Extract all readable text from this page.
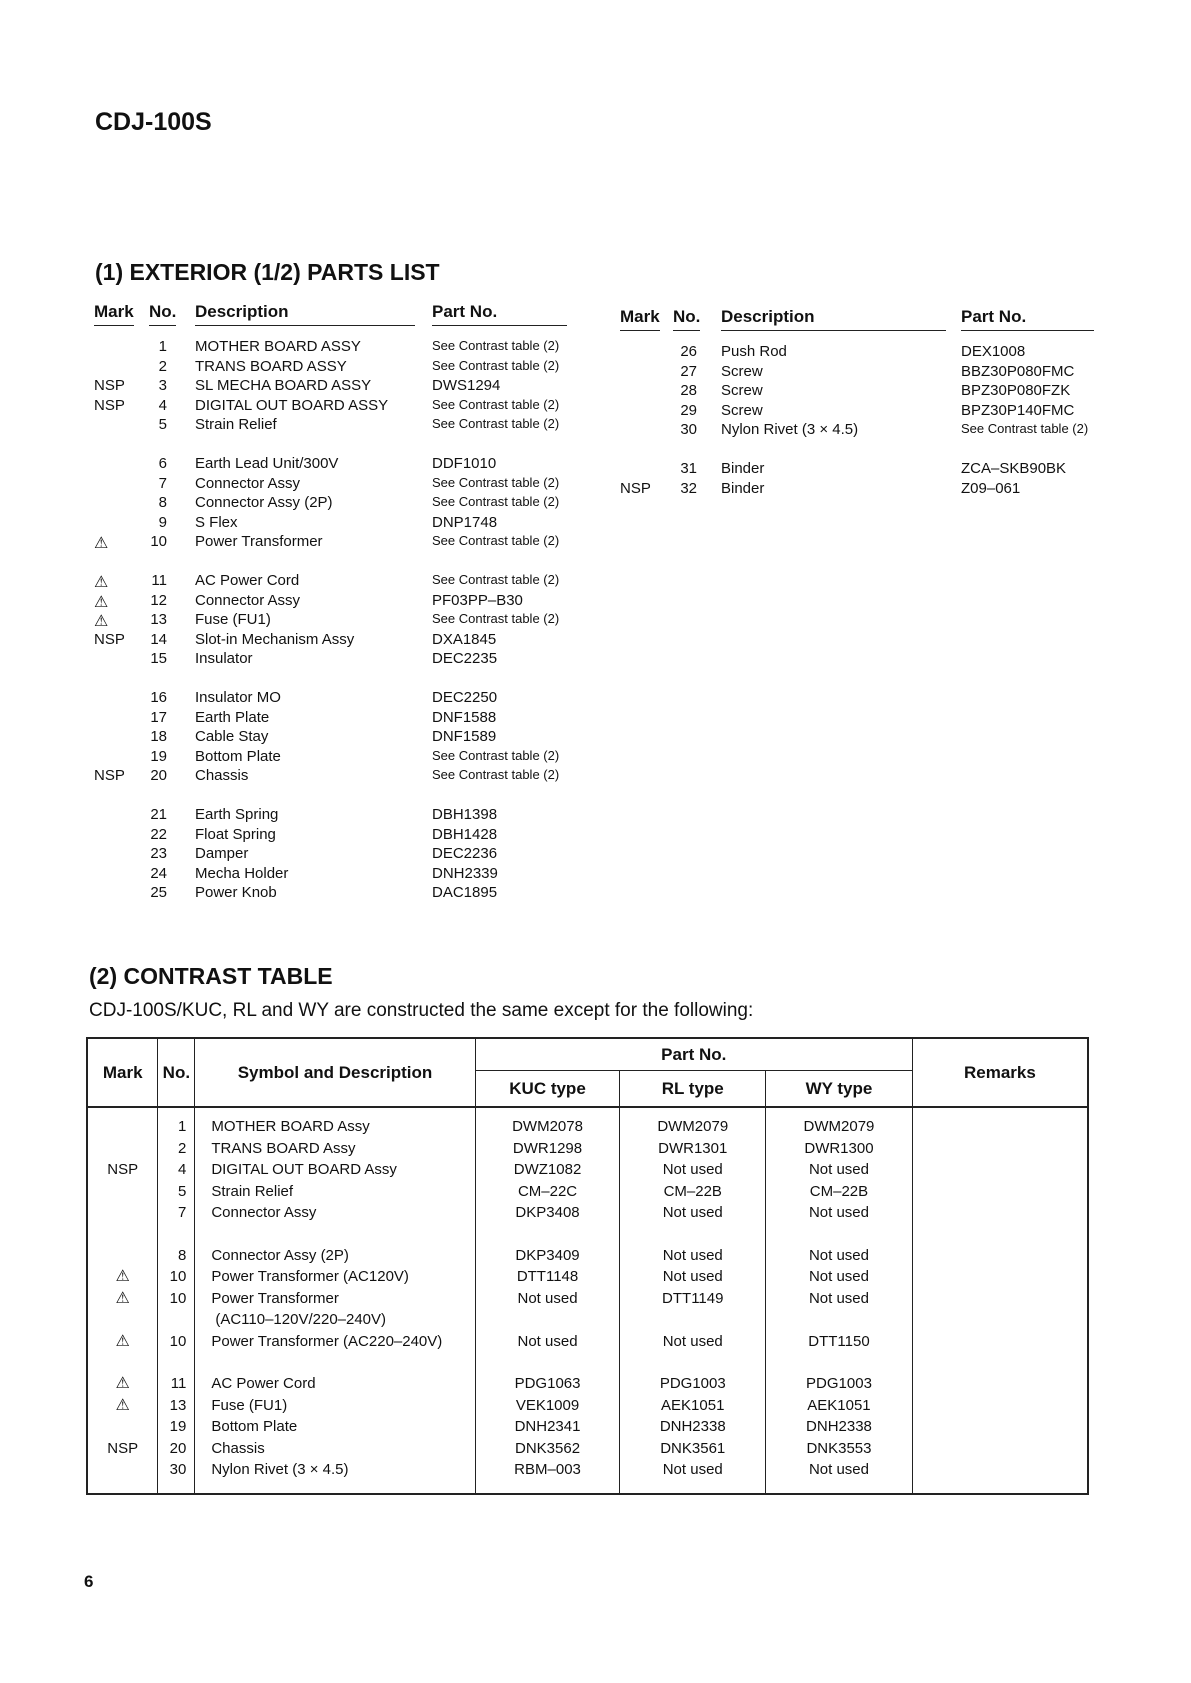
CDJ-100S
(1) EXTERIOR (1/2) PARTS LIST
Mark No. Description	Part No.
1 MOTHER BOARD ASSY	See Contrast table (2)
2 TRANS BOARD ASSY	See Contrast table (2)
NSP	3 SL MECHA BOARD ASSY	DWS1294
NSP	4 DIGITAL OUT BOARD ASSY	See Contrast table (2)
5 Strain Relief	See Contrast table (2)
6 Earth Lead Unit/300V	DDF1010
7 Connector Assy	See Contrast table (2)
8 Connector Assy (2P)	See Contrast table (2)
9 S Flex	DNP1748
⚠	10 Power Transformer	See Contrast table (2)
⚠	11 AC Power Cord	See Contrast table (2)
⚠	12 Connector Assy	PF03PP–B30
⚠	13 Fuse (FU1)	See Contrast table (2)
NSP	14 Slot-in Mechanism Assy	DXA1845
15 Insulator	DEC2235
16 Insulator MO	DEC2250
17 Earth Plate	DNF1588
18 Cable Stay	DNF1589
19 Bottom Plate	See Contrast table (2)
NSP	20 Chassis	See Contrast table (2)
21 Earth Spring	DBH1398
22 Float Spring	DBH1428
23 Damper	DEC2236
24 Mecha Holder	DNH2339
25 Power Knob	DAC1895
Mark No. Description	Part No.
26 Push Rod	DEX1008
27 Screw	BBZ30P080FMC
28 Screw	BPZ30P080FZK
29 Screw	BPZ30P140FMC
30 Nylon Rivet (3 × 4.5)	See Contrast table (2)
31 Binder	ZCA–SKB90BK
NSP	32 Binder	Z09–061
(2) CONTRAST TABLE
CDJ-100S/KUC, RL and WY are constructed the same except for the following:
Mark	No.	Symbol and Description	Part No.			Remarks
			KUC type	RL type	WY type	
	1	MOTHER BOARD Assy	DWM2078	DWM2079	DWM2079	
	2	TRANS BOARD Assy	DWR1298	DWR1301	DWR1300	
NSP	4	DIGITAL OUT BOARD Assy	DWZ1082	Not used	Not used	
	5	Strain Relief	CM–22C	CM–22B	CM–22B	
	7	Connector Assy	DKP3408	Not used	Not used	
	8	Connector Assy (2P)	DKP3409	Not used	Not used	
⚠	10	Power Transformer (AC120V)	DTT1148	Not used	Not used	
⚠	10	Power Transformer
(AC110–120V/220–240V)	Not used	DTT1149	Not used	
⚠	10	Power Transformer (AC220–240V)	Not used	Not used	DTT1150	
⚠	11	AC Power Cord	PDG1063	PDG1003	PDG1003	
⚠	13	Fuse (FU1)	VEK1009	AEK1051	AEK1051	
	19	Bottom Plate	DNH2341	DNH2338	DNH2338	
NSP	20	Chassis	DNK3562	DNK3561	DNK3553	
	30	Nylon Rivet (3 × 4.5)	RBM–003	Not used	Not used	
6
